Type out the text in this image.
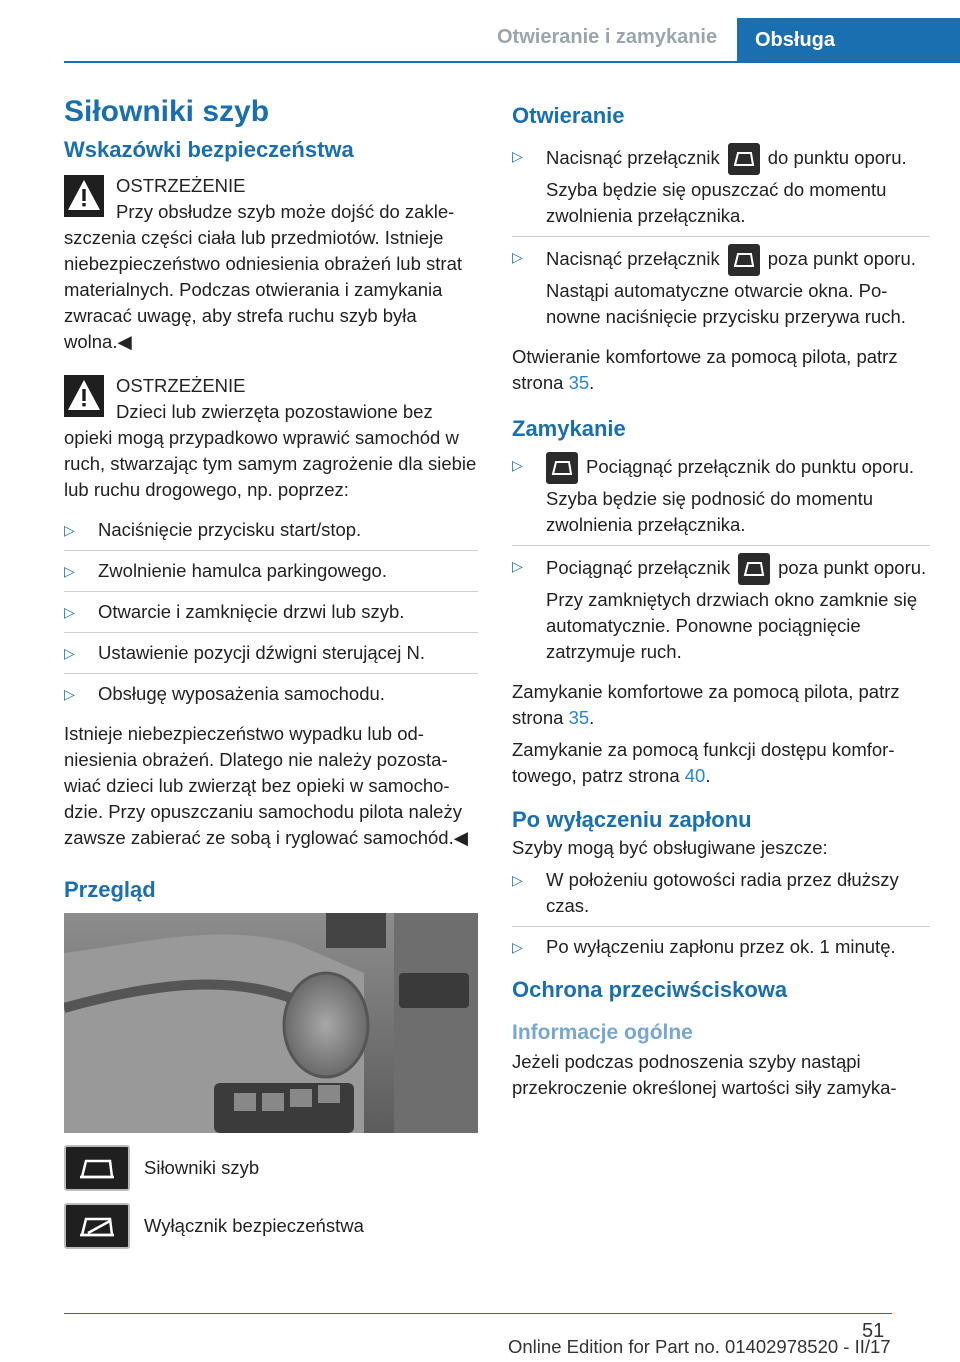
Otwieranie i zamykanie	Obsługa
Siłowniki szyb
Wskazówki bezpieczeństwa

OSTRZEŻENIE

Przy obsłudze szyb może dojść do zakleszczenia części ciała lub przedmiotów. Istnieje niebezpieczeństwo odniesienia obrażeń lub strat materialnych. Podczas otwierania i zamykania zwracać uwagę, aby strefa ruchu szyb była wolna.◀

OSTRZEŻENIE

Dzieci lub zwierzęta pozostawione bez opieki mogą przypadkowo wprawić samochód w ruch, stwarzając tym samym zagrożenie dla siebie lub ruchu drogowego, np. poprzez:

▷ Naciśnięcie przycisku start/stop.
▷ Zwolnienie hamulca parkingowego.
▷ Otwarcie i zamknięcie drzwi lub szyb.
▷ Ustawienie pozycji dźwigni sterującej N.
▷ Obsługę wyposażenia samochodu.

Istnieje niebezpieczeństwo wypadku lub odniesienia obrażeń. Dlatego nie należy pozostawiać dzieci lub zwierząt bez opieki w samochodzie. Przy opuszczaniu samochodu pilota należy zawsze zabierać ze sobą i ryglować samochód.◀

Przegląd
Siłowniki szyb
Wyłącznik bezpieczeństwa
Otwieranie
▷ Nacisnąć przełącznik	do punktu oporu.

Szyba będzie się opuszczać do momentu zwolnienia przełącznika.

▷ Nacisnąć przełącznik	poza punkt oporu.

Nastąpi automatyczne otwarcie okna. Ponowne naciśnięcie przycisku przerywa ruch.

Otwieranie komfortowe za pomocą pilota, patrz strona 35.

Zamykanie
▷	Pociągnąć przełącznik do punktu oporu.

Szyba będzie się podnosić do momentu zwolnienia przełącznika.

▷ Pociągnąć przełącznik	poza punkt oporu.

Przy zamkniętych drzwiach okno zamknie się automatycznie. Ponowne pociągnięcie zatrzymuje ruch.

Zamykanie komfortowe za pomocą pilota, patrz strona 35.

Zamykanie za pomocą funkcji dostępu komfortowego, patrz strona 40.

Po wyłączeniu zapłonu

Szyby mogą być obsługiwane jeszcze:

▷ W położeniu gotowości radia przez dłuższy czas.
▷ Po wyłączeniu zapłonu przez ok. 1 minutę.
Ochrona przeciwściskowa
Informacje ogólne

Jeżeli podczas podnoszenia szyby nastąpi przekroczenie określonej wartości siły zamyka-

51
Online Edition for Part no. 01402978520 - II/17
